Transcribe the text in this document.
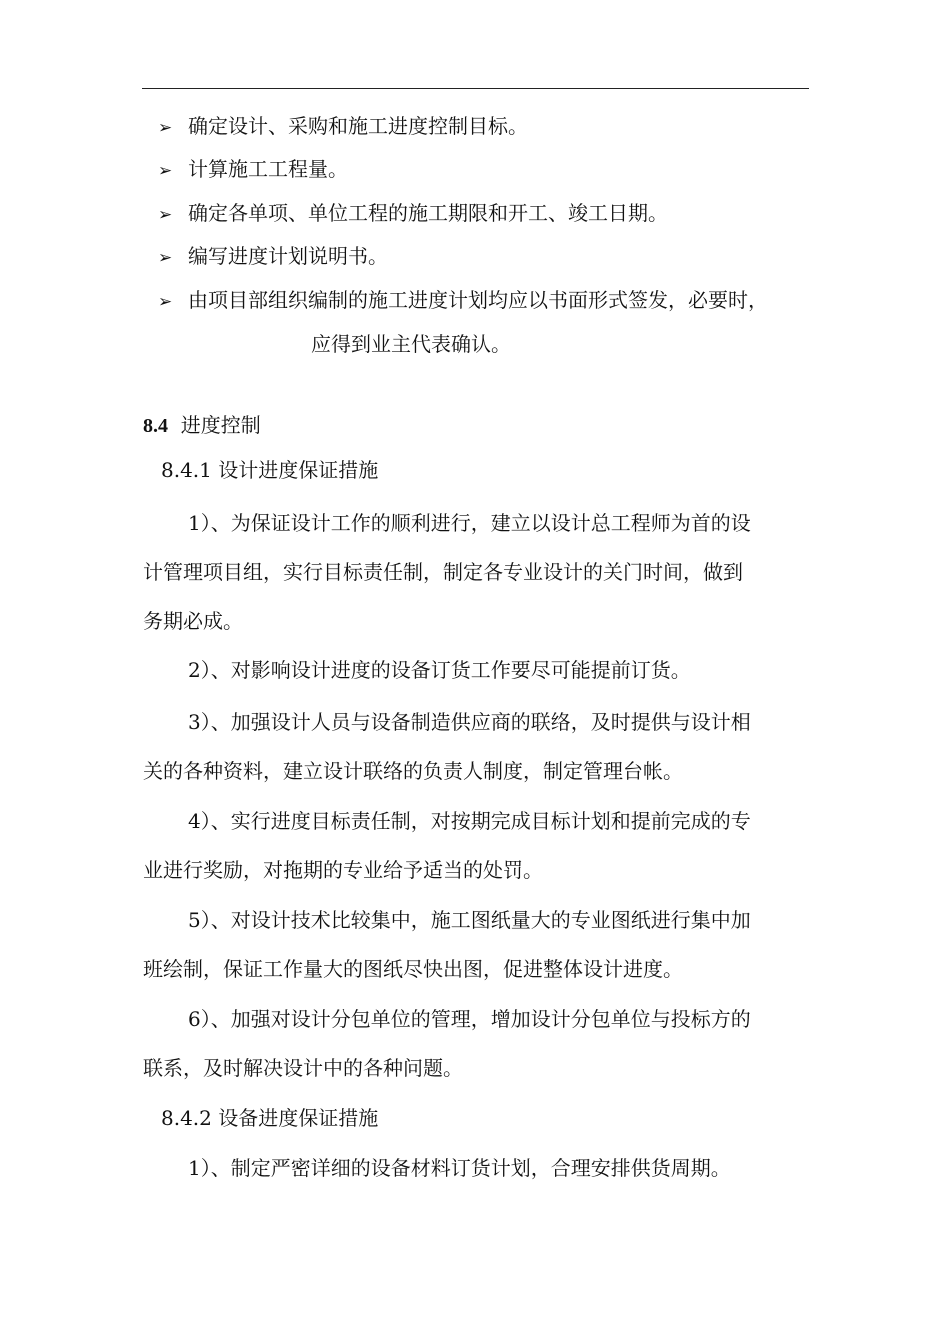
➢ 确定设计、采购和施工进度控制目标。
➢ 计算施工工程量。
➢ 确定各单项、单位工程的施工期限和开工、竣工日期。
➢ 编写进度计划说明书。
➢ 由项目部组织编制的施工进度计划均应以书面形式签发，必要时，
应得到业主代表确认。
8.4 进度控制
8.4.1 设计进度保证措施
1）、为保证设计工作的顺利进行，建立以设计总工程师为首的设
计管理项目组，实行目标责任制，制定各专业设计的关门时间，做到
务期必成。
2）、对影响设计进度的设备订货工作要尽可能提前订货。
3）、加强设计人员与设备制造供应商的联络，及时提供与设计相
关的各种资料，建立设计联络的负责人制度，制定管理台帐。
4）、实行进度目标责任制，对按期完成目标计划和提前完成的专
业进行奖励，对拖期的专业给予适当的处罚。
5）、对设计技术比较集中，施工图纸量大的专业图纸进行集中加
班绘制，保证工作量大的图纸尽快出图，促进整体设计进度。
6）、加强对设计分包单位的管理，增加设计分包单位与投标方的
联系，及时解决设计中的各种问题。
8.4.2 设备进度保证措施
1）、制定严密详细的设备材料订货计划，合理安排供货周期。
